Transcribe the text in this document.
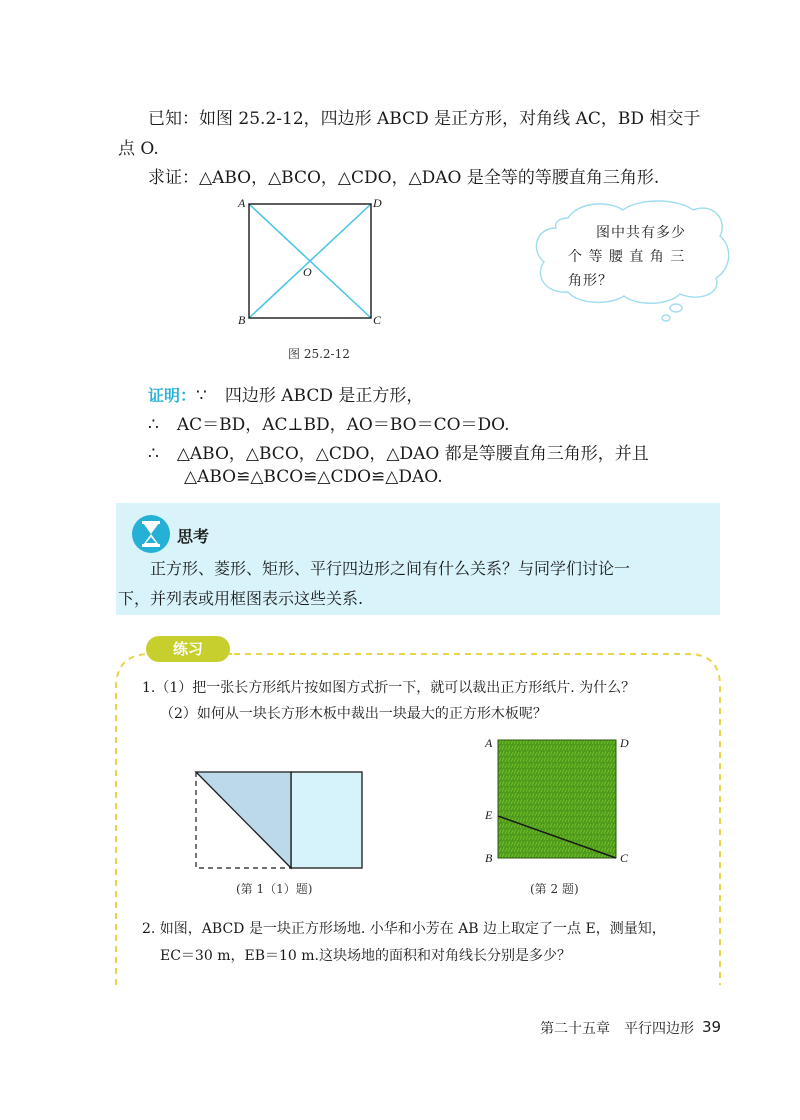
已知：如图 25.2-12，四边形 ABCD 是正方形，对角线 AC，BD 相交于
点 O.
求证：△ABO，△BCO，△CDO，△DAO 是全等的等腰直角三角形.
A	D
B	C
O
图 25.2-12
图中共有多少
个 等 腰 直 角 三
角形？
证明：∵ 四边形 ABCD 是正方形，
∴ AC＝BD，AC⊥BD，AO＝BO＝CO＝DO.
∴ △ABO，△BCO，△CDO，△DAO 都是等腰直角三角形，并且
△ABO≌△BCO≌△CDO≌△DAO.
思考
正方形、菱形、矩形、平行四边形之间有什么关系？与同学们讨论一
下，并列表或用框图表示这些关系.
练习
1.（1）把一张长方形纸片按如图方式折一下，就可以裁出正方形纸片. 为什么？
（2）如何从一块长方形木板中裁出一块最大的正方形木板呢？
(第 1（1）题)
A	D
E
B	C
(第 2 题)
2. 如图，ABCD 是一块正方形场地. 小华和小芳在 AB 边上取定了一点 E，测量知，
EC＝30 m，EB＝10 m.这块场地的面积和对角线长分别是多少？
第二十五章　平行四边形 39
